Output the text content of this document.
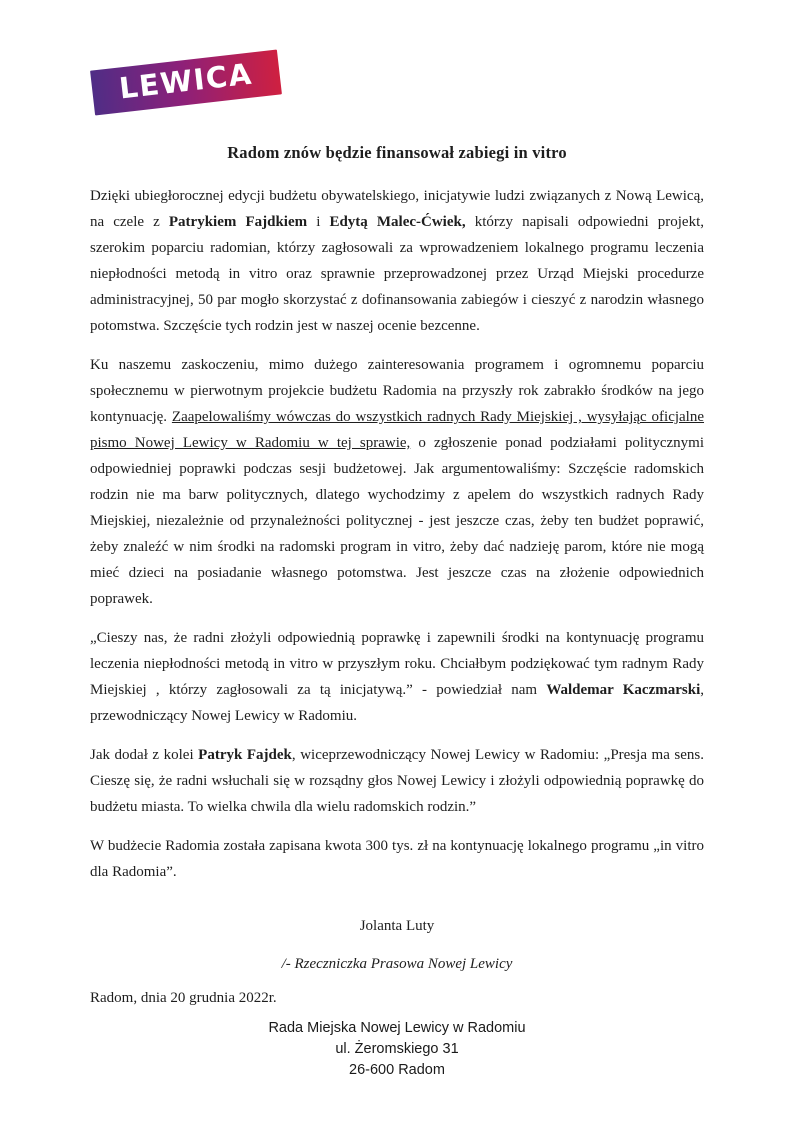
LEWICA
Radom znów będzie finansował zabiegi in vitro

Dzięki ubiegłorocznej edycji budżetu obywatelskiego, inicjatywie ludzi związanych z Nową Lewicą, na czele z Patrykiem Fajdkiem i Edytą Malec-Ćwiek, którzy napisali odpowiedni projekt, szerokim poparciu radomian, którzy zagłosowali za wprowadzeniem lokalnego programu leczenia niepłodności metodą in vitro oraz sprawnie przeprowadzonej przez Urząd Miejski procedurze administracyjnej, 50 par mogło skorzystać z dofinansowania zabiegów i cieszyć z narodzin własnego potomstwa. Szczęście tych rodzin jest w naszej ocenie bezcenne.

Ku naszemu zaskoczeniu, mimo dużego zainteresowania programem i ogromnemu poparciu społecznemu w pierwotnym projekcie budżetu Radomia na przyszły rok zabrakło środków na jego kontynuację. Zaapelowaliśmy wówczas do wszystkich radnych Rady Miejskiej , wysyłając oficjalne pismo Nowej Lewicy w Radomiu w tej sprawie, o zgłoszenie ponad podziałami politycznymi odpowiedniej poprawki podczas sesji budżetowej. Jak argumentowaliśmy: Szczęście radomskich rodzin nie ma barw politycznych, dlatego wychodzimy z apelem do wszystkich radnych Rady Miejskiej, niezależnie od przynależności politycznej - jest jeszcze czas, żeby ten budżet poprawić, żeby znaleźć w nim środki na radomski program in vitro, żeby dać nadzieję parom, które nie mogą mieć dzieci na posiadanie własnego potomstwa. Jest jeszcze czas na złożenie odpowiednich poprawek.

„Cieszy nas, że radni złożyli odpowiednią poprawkę i zapewnili środki na kontynuację programu leczenia niepłodności metodą in vitro w przyszłym roku. Chciałbym podziękować tym radnym Rady Miejskiej , którzy zagłosowali za tą inicjatywą.” - powiedział nam Waldemar Kaczmarski, przewodniczący Nowej Lewicy w Radomiu.

Jak dodał z kolei Patryk Fajdek, wiceprzewodniczący Nowej Lewicy w Radomiu: „Presja ma sens. Cieszę się, że radni wsłuchali się w rozsądny głos Nowej Lewicy i złożyli odpowiednią poprawkę do budżetu miasta. To wielka chwila dla wielu radomskich rodzin.”

W budżecie Radomia została zapisana kwota 300 tys. zł na kontynuację lokalnego programu „in vitro dla Radomia”.

Jolanta Luty
/- Rzeczniczka Prasowa Nowej Lewicy

Radom, dnia 20 grudnia 2022r.

Rada Miejska Nowej Lewicy w Radomiu
ul. Żeromskiego 31
26-600 Radom
